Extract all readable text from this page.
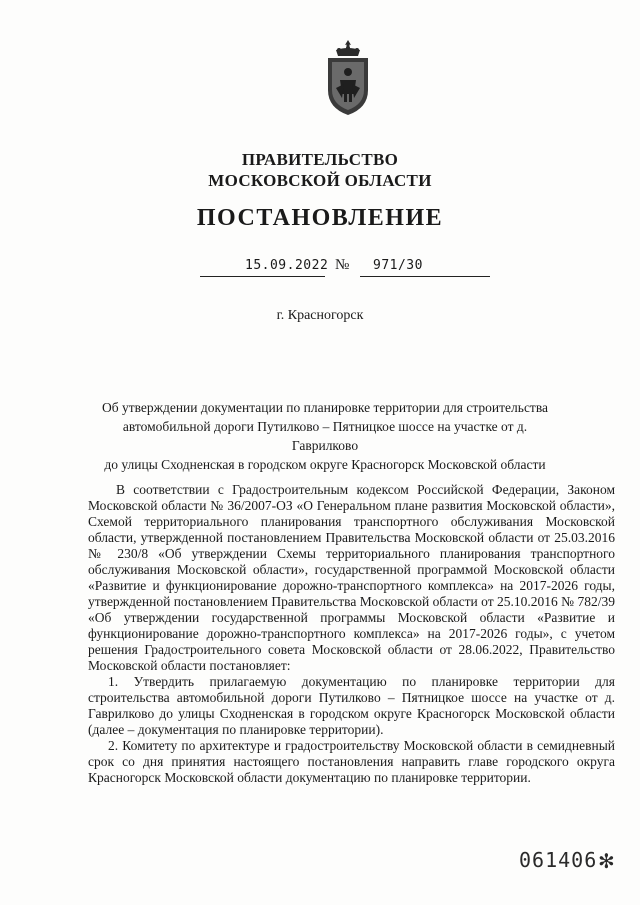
ПРАВИТЕЛЬСТВО
МОСКОВСКОЙ ОБЛАСТИ
ПОСТАНОВЛЕНИЕ
15.09.2022 № 971/30
г. Красногорск
Об утверждении документации по планировке территории для строительства
автомобильной дороги Путилково – Пятницкое шоссе на участке от д. Гаврилково
до улицы Сходненская в городском округе Красногорск Московской области

В соответствии с Градостроительным кодексом Российской Федерации, Законом Московской области № 36/2007-ОЗ «О Генеральном плане развития Московской области», Схемой территориального планирования транспортного обслуживания Московской области, утвержденной постановлением Правительства Московской области от 25.03.2016 № 230/8 «Об утверждении Схемы территориального планирования транспортного обслуживания Московской области», государственной программой Московской области «Развитие и функционирование дорожно-транспортного комплекса» на 2017-2026 годы, утвержденной постановлением Правительства Московской области от 25.10.2016 № 782/39 «Об утверждении государственной программы Московской области «Развитие и функционирование дорожно-транспортного комплекса» на 2017-2026 годы», с учетом решения Градостроительного совета Московской области от 28.06.2022, Правительство Московской области постановляет:

1. Утвердить прилагаемую документацию по планировке территории для строительства автомобильной дороги Путилково – Пятницкое шоссе на участке от д. Гаврилково до улицы Сходненская в городском округе Красногорск Московской области (далее – документация по планировке территории).

2. Комитету по архитектуре и градостроительству Московской области в семидневный срок со дня принятия настоящего постановления направить главе городского округа Красногорск Московской области документацию по планировке территории.

061406 ✻
